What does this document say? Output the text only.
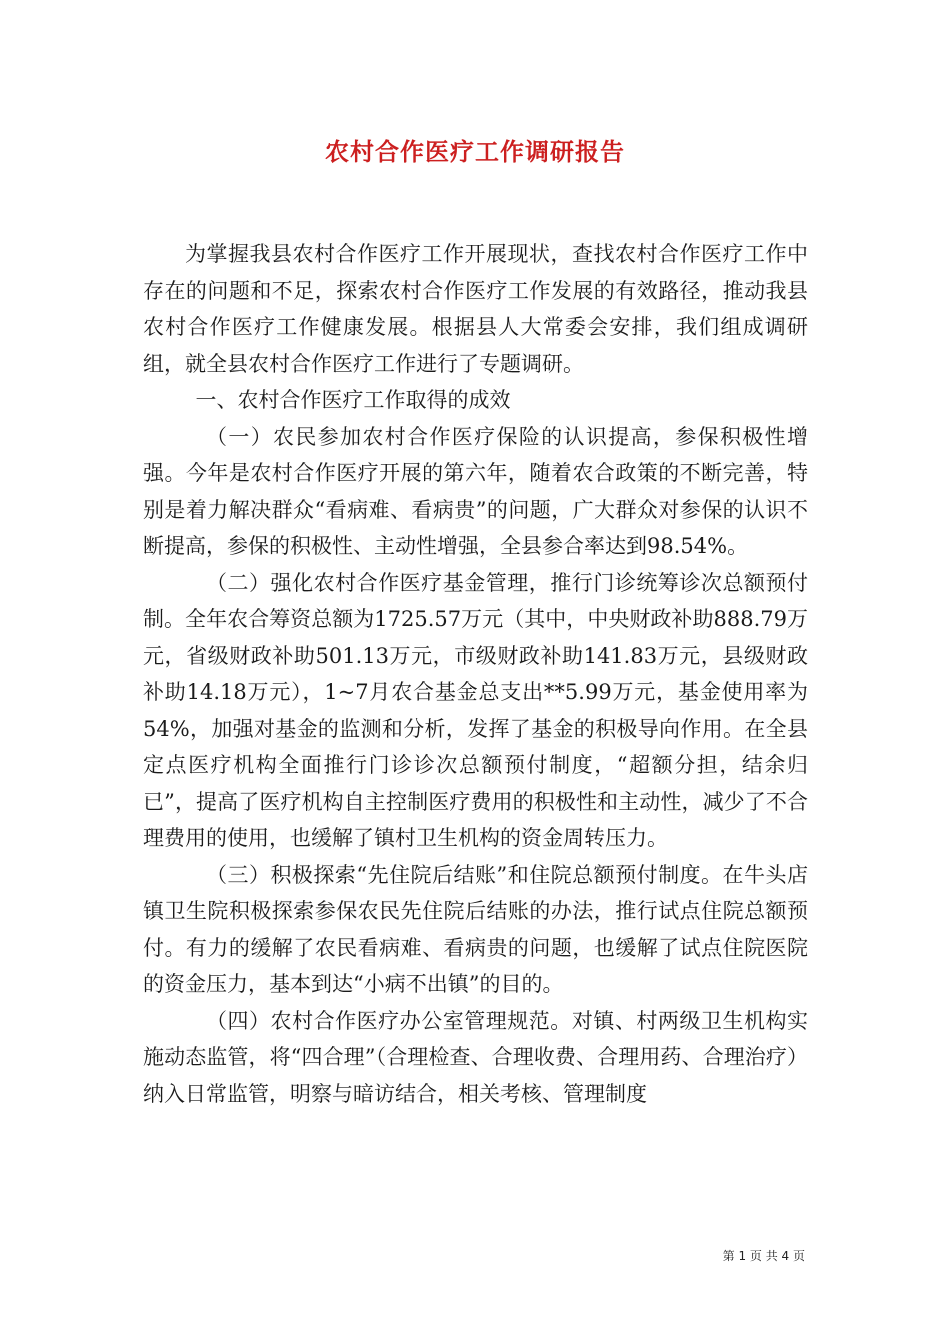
农村合作医疗工作调研报告

为掌握我县农村合作医疗工作开展现状，查找农村合作医疗工作中存在的问题和不足，探索农村合作医疗工作发展的有效路径，推动我县农村合作医疗工作健康发展。根据县人大常委会安排，我们组成调研组，就全县农村合作医疗工作进行了专题调研。

一、农村合作医疗工作取得的成效

（一）农民参加农村合作医疗保险的认识提高，参保积极性增强。今年是农村合作医疗开展的第六年，随着农合政策的不断完善，特别是着力解决群众“看病难、看病贵”的问题，广大群众对参保的认识不断提高，参保的积极性、主动性增强，全县参合率达到98.54%。

（二）强化农村合作医疗基金管理，推行门诊统筹诊次总额预付制。全年农合筹资总额为1725.57万元（其中，中央财政补助888.79万元，省级财政补助501.13万元，市级财政补助141.83万元，县级财政补助14.18万元），1~7月农合基金总支出**5.99万元，基金使用率为54%，加强对基金的监测和分析，发挥了基金的积极导向作用。在全县定点医疗机构全面推行门诊诊次总额预付制度，“超额分担，结余归已”，提高了医疗机构自主控制医疗费用的积极性和主动性，减少了不合理费用的使用，也缓解了镇村卫生机构的资金周转压力。

（三）积极探索“先住院后结账”和住院总额预付制度。在牛头店镇卫生院积极探索参保农民先住院后结账的办法，推行试点住院总额预付。有力的缓解了农民看病难、看病贵的问题，也缓解了试点住院医院的资金压力，基本到达“小病不出镇”的目的。

（四）农村合作医疗办公室管理规范。对镇、村两级卫生机构实施动态监管，将“四合理”（合理检查、合理收费、合理用药、合理治疗）纳入日常监管，明察与暗访结合，相关考核、管理制度

第 1 页 共 4 页
